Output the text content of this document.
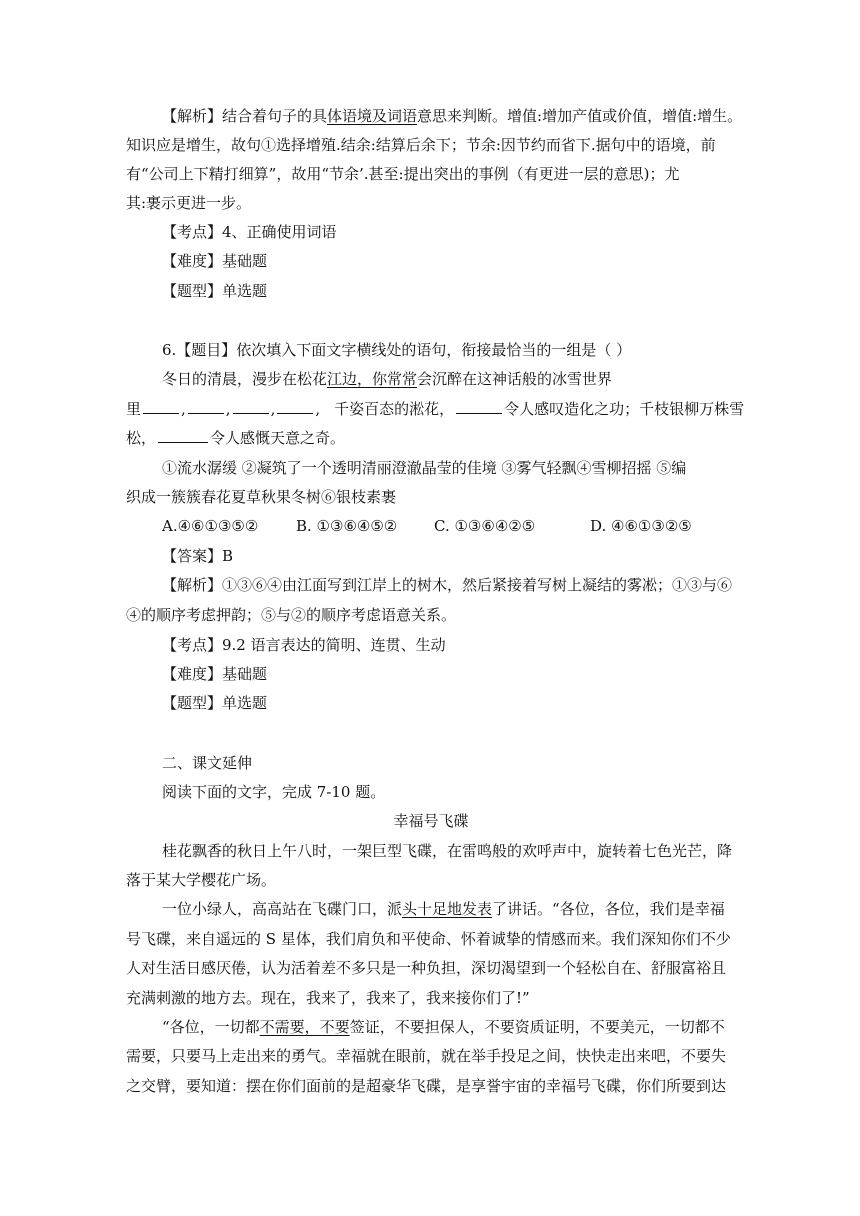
【解析】结合着句子的具体语境及词语意思来判断。增值:增加产值或价值，增值:增生。
知识应是增生，故句①选择增殖.结余:结算后余下；节余:因节约而省下.据句中的语境，前
有“公司上下精打细算”，故用“节余’.甚至:提出突出的事例（有更进一层的意思)；尤
其:裹示更进一步。
【考点】4、正确使用词语
【难度】基础题
【题型】单选题
6.【题目】依次填入下面文字横线处的语句，衔接最恰当的一组是（ ）
冬日的清晨，漫步在松花江边，你常常会沉醉在这神话般的冰雪世界
里	,	,	,	, 千姿百态的淞花，	令人感叹造化之功；千枝银柳万株雪
松，	令人感慨天意之奇。
①流水潺缓 ②凝筑了一个透明清丽澄澈晶莹的佳境 ③雾气轻飘④雪柳招摇 ⑤编
织成一簇簇春花夏草秋果冬树⑥银枝素裹
A.④⑥①③⑤②	B. ①③⑥④⑤② C. ①③⑥④②⑤	D. ④⑥①③②⑤
【答案】B
【解析】①③⑥④由江面写到江岸上的树木，然后紧接着写树上凝结的雾凇；①③与⑥
④的顺序考虑押韵；⑤与②的顺序考虑语意关系。
【考点】9.2 语言表达的简明、连贯、生动
【难度】基础题
【题型】单选题
二、课文延伸
阅读下面的文字，完成 7-10 题。
幸福号飞碟
桂花飘香的秋日上午八时，一架巨型飞碟，在雷鸣般的欢呼声中，旋转着七色光芒，降
落于某大学樱花广场。
一位小绿人，高高站在飞碟门口，派头十足地发表了讲话。“各位，各位，我们是幸福
号飞碟，来自遥远的 S 星体，我们肩负和平使命、怀着诚挚的情感而来。我们深知你们不少
人对生活日感厌倦，认为活着差不多只是一种负担，深切渴望到一个轻松自在、舒服富裕且
充满刺激的地方去。现在，我来了，我来了，我来接你们了!”
“各位，一切都不需要，不要签证，不要担保人，不要资质证明，不要美元，一切都不
需要，只要马上走出来的勇气。幸福就在眼前，就在举手投足之间，快快走出来吧，不要失
之交臂，要知道：摆在你们面前的是超豪华飞碟，是享誉宇宙的幸福号飞碟，你们所要到达
